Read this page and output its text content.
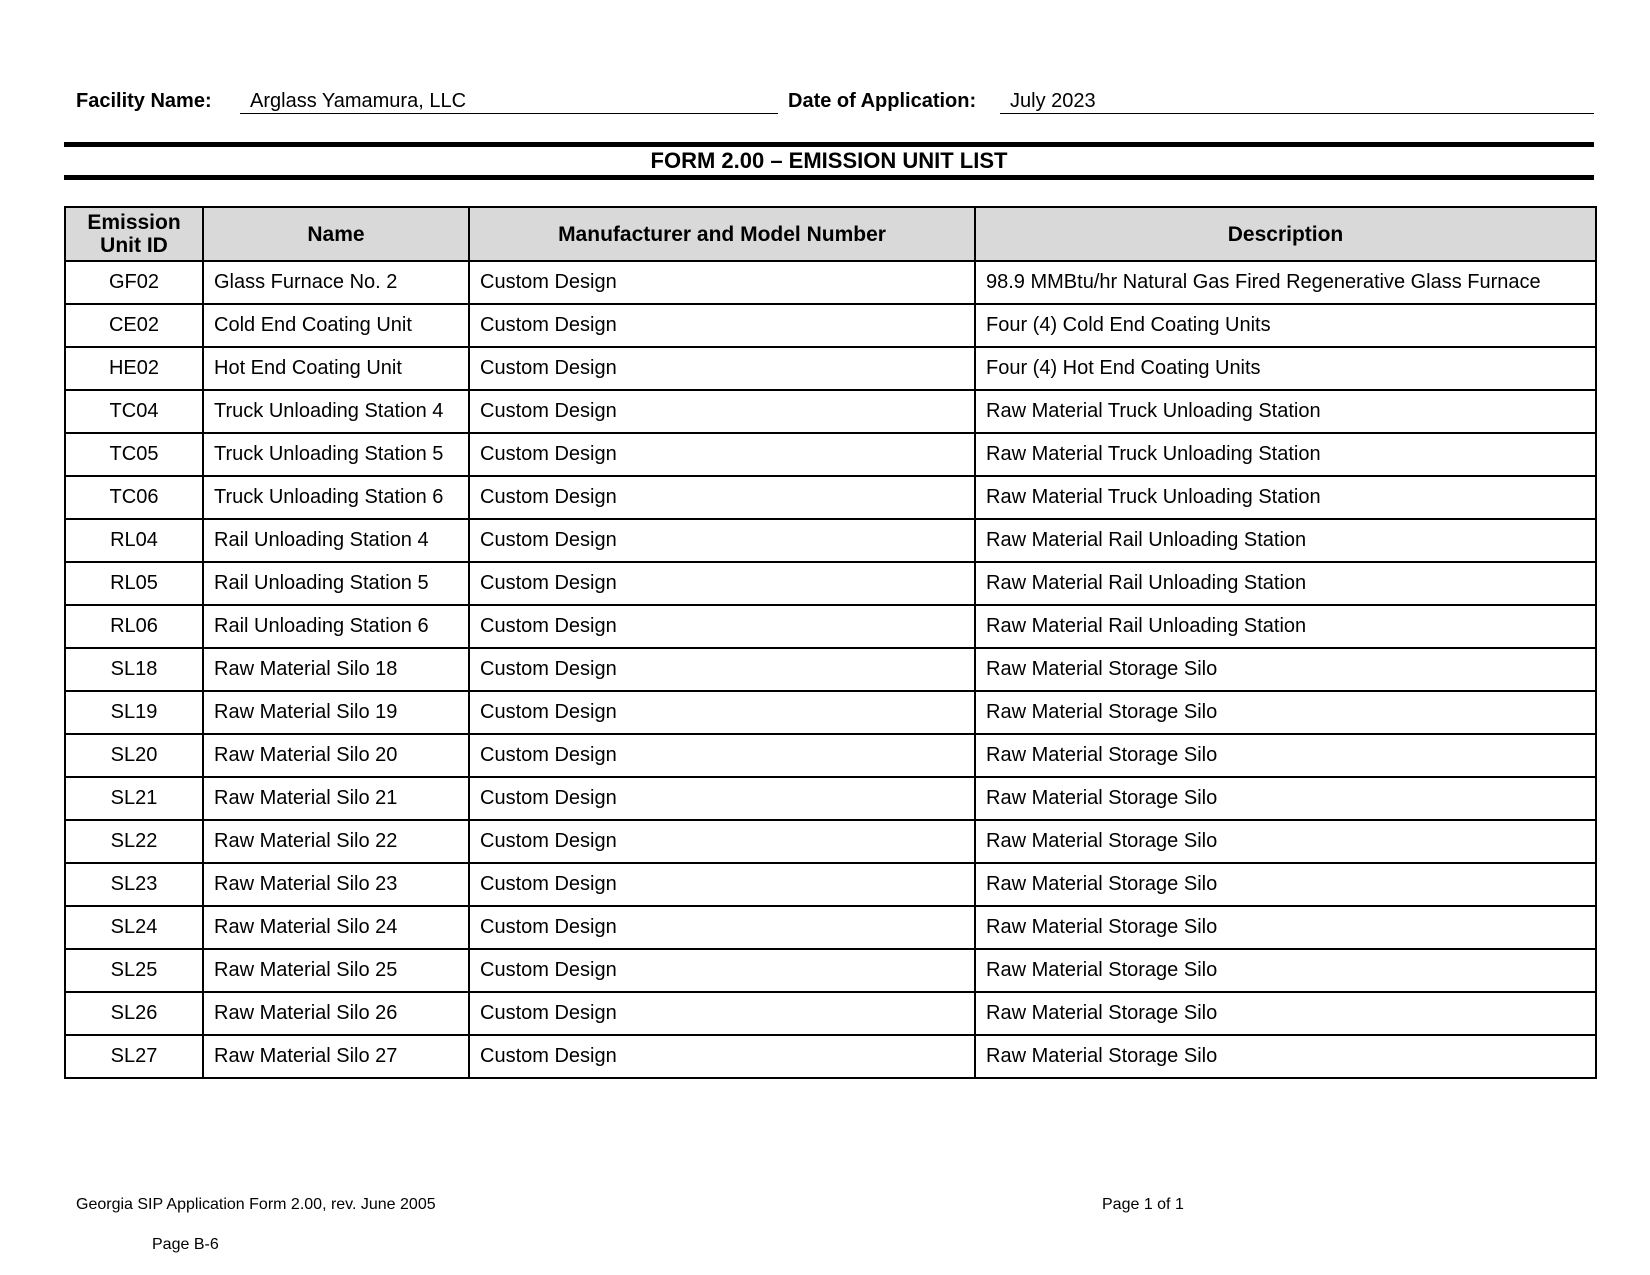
Facility Name:	Arglass Yamamura, LLC	Date of Application:	July 2023
FORM 2.00 – EMISSION UNIT LIST
Emission
Unit ID	Name	Manufacturer and Model Number	Description
GF02	Glass Furnace No. 2	Custom Design	98.9 MMBtu/hr Natural Gas Fired Regenerative Glass Furnace
CE02	Cold End Coating Unit	Custom Design	Four (4) Cold End Coating Units
HE02	Hot End Coating Unit	Custom Design	Four (4) Hot End Coating Units
TC04	Truck Unloading Station 4	Custom Design	Raw Material Truck Unloading Station
TC05	Truck Unloading Station 5	Custom Design	Raw Material Truck Unloading Station
TC06	Truck Unloading Station 6	Custom Design	Raw Material Truck Unloading Station
RL04	Rail Unloading Station 4	Custom Design	Raw Material Rail Unloading Station
RL05	Rail Unloading Station 5	Custom Design	Raw Material Rail Unloading Station
RL06	Rail Unloading Station 6	Custom Design	Raw Material Rail Unloading Station
SL18	Raw Material Silo 18	Custom Design	Raw Material Storage Silo
SL19	Raw Material Silo 19	Custom Design	Raw Material Storage Silo
SL20	Raw Material Silo 20	Custom Design	Raw Material Storage Silo
SL21	Raw Material Silo 21	Custom Design	Raw Material Storage Silo
SL22	Raw Material Silo 22	Custom Design	Raw Material Storage Silo
SL23	Raw Material Silo 23	Custom Design	Raw Material Storage Silo
SL24	Raw Material Silo 24	Custom Design	Raw Material Storage Silo
SL25	Raw Material Silo 25	Custom Design	Raw Material Storage Silo
SL26	Raw Material Silo 26	Custom Design	Raw Material Storage Silo
SL27	Raw Material Silo 27	Custom Design	Raw Material Storage Silo
Georgia SIP Application Form 2.00, rev. June 2005	Page 1 of 1
Page B-6
